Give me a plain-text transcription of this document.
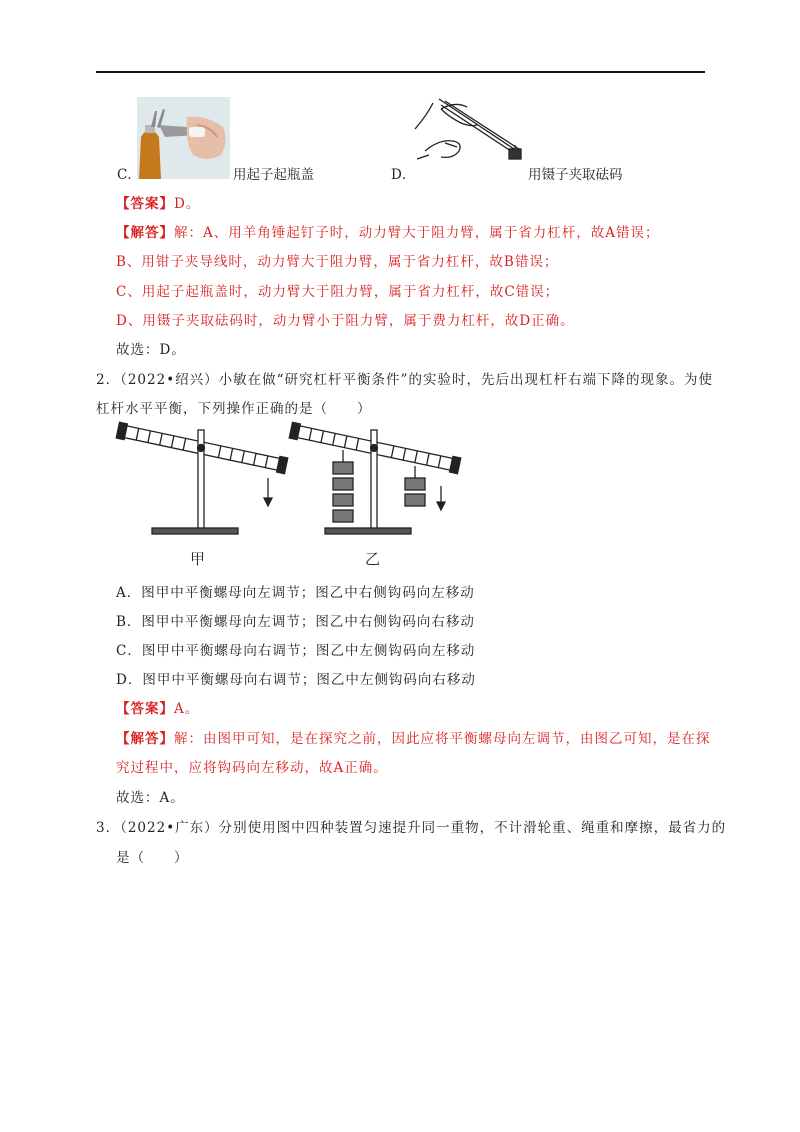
C．	用起子起瓶盖	D．	用镊子夹取砝码
【答案】D。
【解答】解：A、用羊角锤起钉子时，动力臂大于阻力臂，属于省力杠杆，故A错误；
B、用钳子夹导线时，动力臂大于阻力臂，属于省力杠杆，故B错误；
C、用起子起瓶盖时，动力臂大于阻力臂，属于省力杠杆，故C错误；
D、用镊子夹取砝码时，动力臂小于阻力臂，属于费力杠杆，故D正确。
故选：D。
2．（2022•绍兴）小敏在做“研究杠杆平衡条件”的实验时，先后出现杠杆右端下降的现象。为使
杠杆水平平衡，下列操作正确的是（　　）
甲	乙
A．图甲中平衡螺母向左调节；图乙中右侧钩码向左移动
B．图甲中平衡螺母向左调节；图乙中右侧钩码向右移动
C．图甲中平衡螺母向右调节；图乙中左侧钩码向左移动
D．图甲中平衡螺母向右调节；图乙中左侧钩码向右移动
【答案】A。
【解答】解：由图甲可知，是在探究之前，因此应将平衡螺母向左调节，由图乙可知，是在探
究过程中，应将钩码向左移动，故A正确。
故选：A。
3．（2022•广东）分别使用图中四种装置匀速提升同一重物，不计滑轮重、绳重和摩擦，最省力的
是（　　）
